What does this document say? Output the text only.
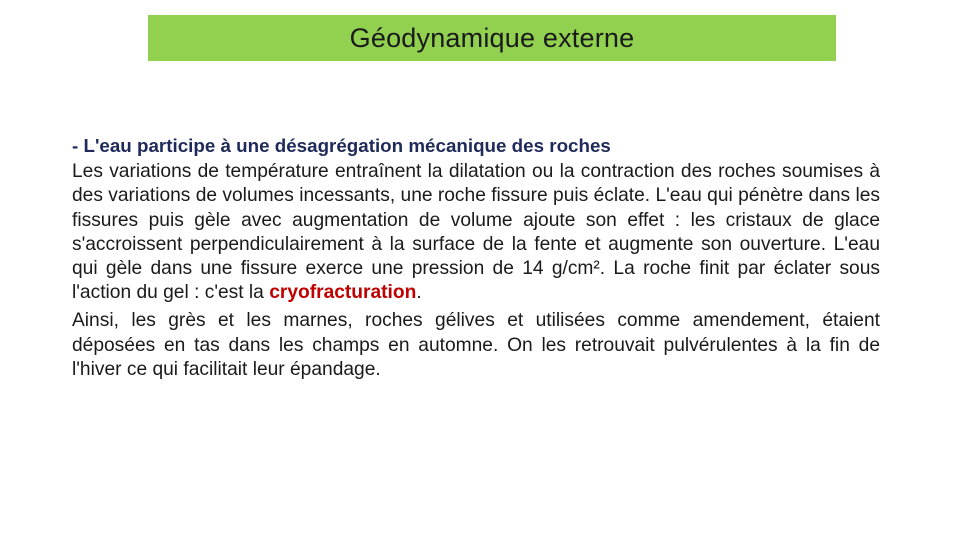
Géodynamique externe

- L'eau participe à une désagrégation mécanique des roches

Les variations de température entraînent la dilatation ou la contraction des roches soumises à des variations de volumes incessants, une roche fissure puis éclate. L'eau qui pénètre dans les fissures puis gèle avec augmentation de volume ajoute son effet : les cristaux de glace s'accroissent perpendiculairement à la surface de la fente et augmente son ouverture. L'eau qui gèle dans une fissure exerce une pression de 14 g/cm². La roche finit par éclater sous l'action du gel : c'est la cryofracturation.

Ainsi, les grès et les marnes, roches gélives et utilisées comme amendement, étaient déposées en tas dans les champs en automne. On les retrouvait pulvérulentes à la fin de l'hiver ce qui facilitait leur épandage.
